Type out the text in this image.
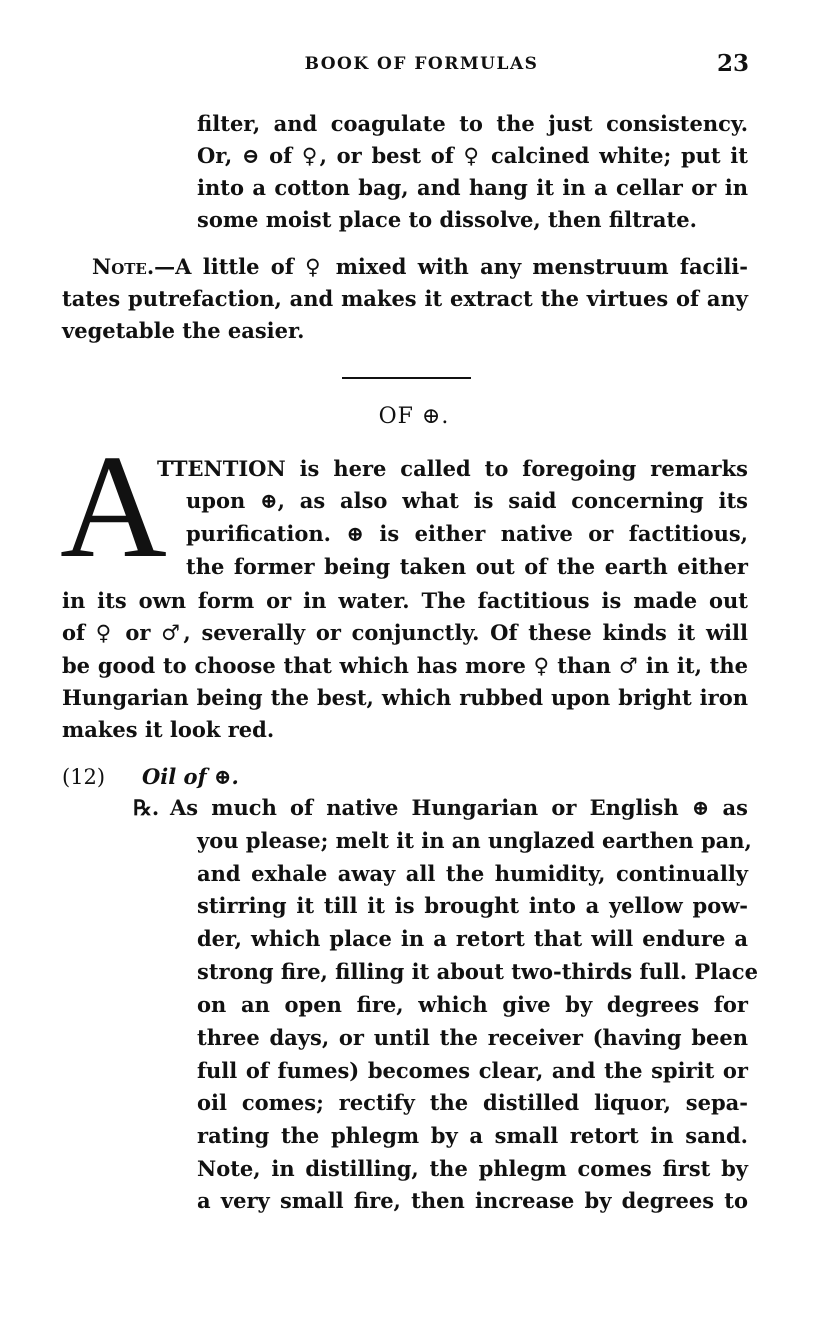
BOOK OF FORMULAS	23
filter, and coagulate to the just consistency.
Or, ⊖ of ♀, or best of ♀ calcined white; put it
into a cotton bag, and hang it in a cellar or in
some moist place to dissolve, then filtrate.
Note. —A little of ♀ mixed with any menstruum facili-
tates putrefaction, and makes it extract the virtues of any
vegetable the easier.
OF ⊕.
A
TTENTION is here called to foregoing remarks
upon ⊕, as also what is said concerning its
purification. ⊕ is either native or factitious,
the former being taken out of the earth either
in its own form or in water. The factitious is made out
of ♀ or ♂, severally or conjunctly. Of these kinds it will
be good to choose that which has more ♀ than ♂ in it, the
Hungarian being the best, which rubbed upon bright iron
makes it look red.
(12) Oil of ⊕.
℞. As much of native Hungarian or English ⊕ as
you please; melt it in an unglazed earthen pan,
and exhale away all the humidity, continually
stirring it till it is brought into a yellow pow-
der, which place in a retort that will endure a
strong fire, filling it about two-thirds full. Place
on an open fire, which give by degrees for
three days, or until the receiver (having been
full of fumes) becomes clear, and the spirit or
oil comes; rectify the distilled liquor, sepa-
rating the phlegm by a small retort in sand.
Note, in distilling, the phlegm comes first by
a very small fire, then increase by degrees to
